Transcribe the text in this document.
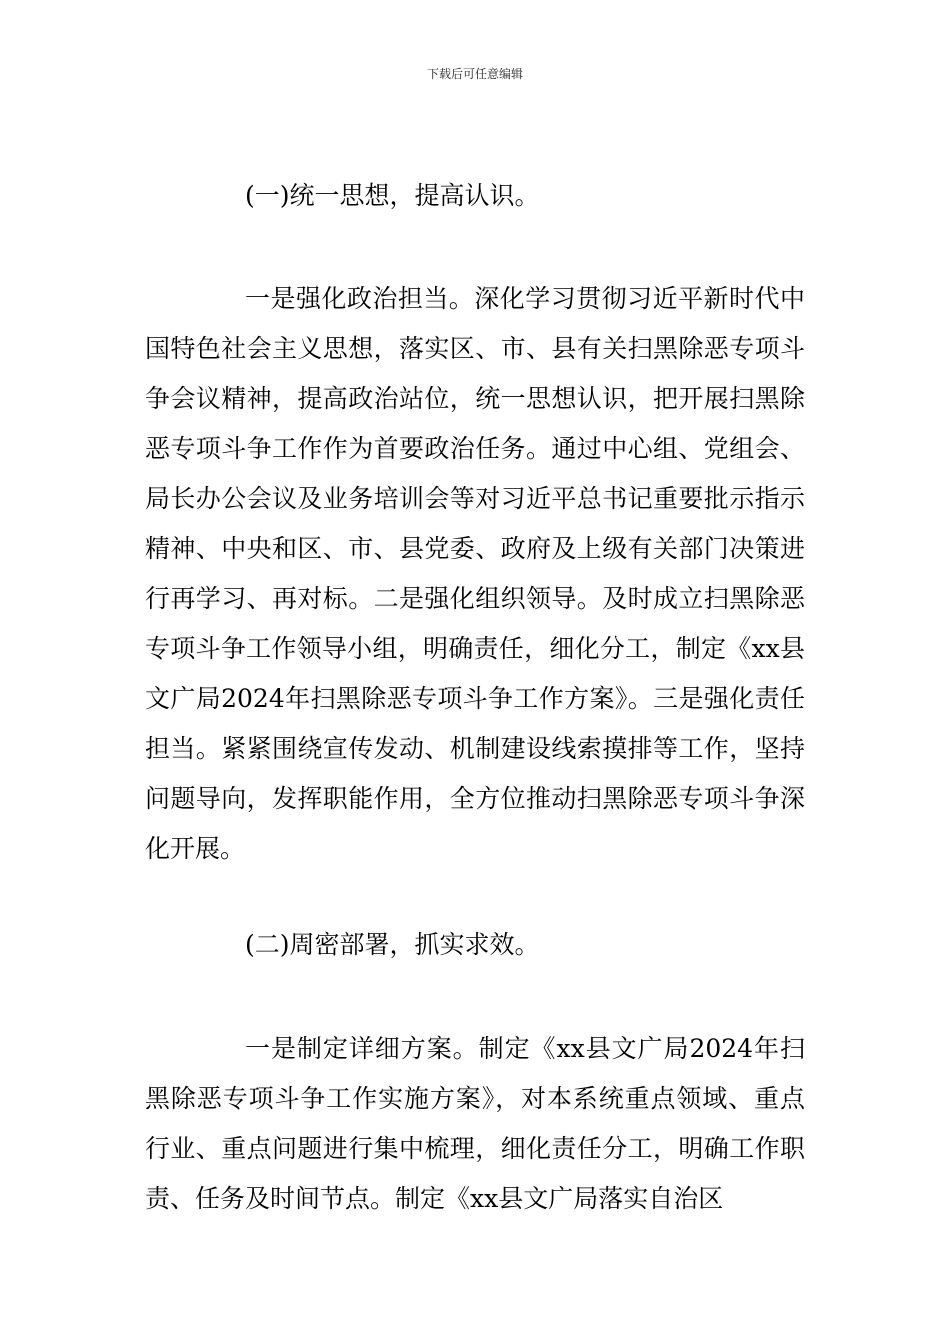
下载后可任意编辑
(一)统一思想，提高认识。

一是强化政治担当。深化学习贯彻习近平新时代中国特色社会主义思想，落实区、市、县有关扫黑除恶专项斗争会议精神，提高政治站位，统一思想认识，把开展扫黑除恶专项斗争工作作为首要政治任务。通过中心组、党组会、局长办公会议及业务培训会等对习近平总书记重要批示指示精神、中央和区、市、县党委、政府及上级有关部门决策进行再学习、再对标。二是强化组织领导。及时成立扫黑除恶专项斗争工作领导小组，明确责任，细化分工，制定《xx县文广局2024年扫黑除恶专项斗争工作方案》。三是强化责任担当。紧紧围绕宣传发动、机制建设线索摸排等工作，坚持问题导向，发挥职能作用，全方位推动扫黑除恶专项斗争深化开展。

(二)周密部署，抓实求效。

一是制定详细方案。制定《xx县文广局2024年扫黑除恶专项斗争工作实施方案》，对本系统重点领域、重点行业、重点问题进行集中梳理，细化责任分工，明确工作职责、任务及时间节点。制定《xx县文广局落实自治区
